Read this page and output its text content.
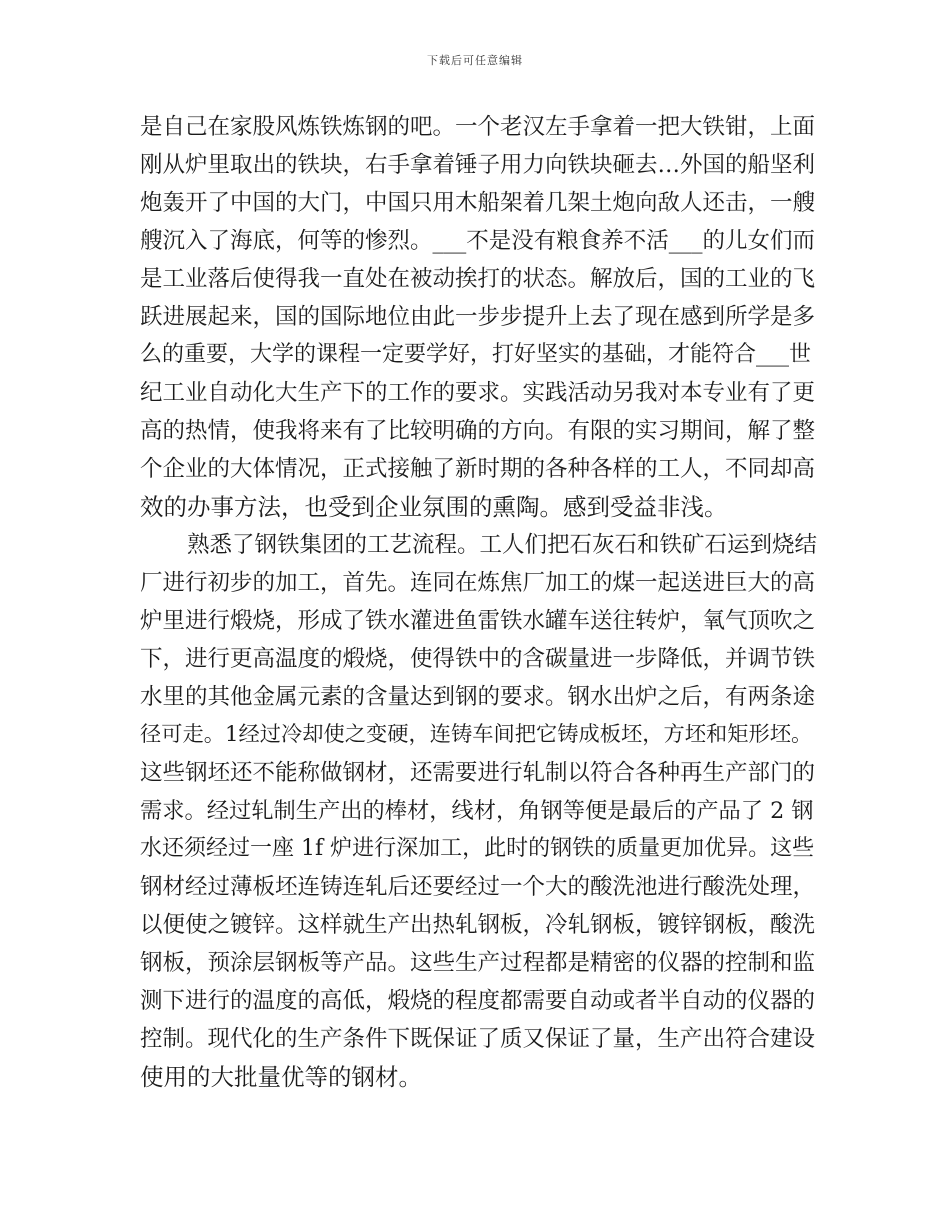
下载后可任意编辑
是自己在家股风炼铁炼钢的吧。一个老汉左手拿着一把大铁钳，上面
刚从炉里取出的铁块，右手拿着锤子用力向铁块砸去…外国的船坚利
炮轰开了中国的大门，中国只用木船架着几架土炮向敌人还击，一艘
艘沉入了海底，何等的惨烈。___不是没有粮食养不活___的儿女们而
是工业落后使得我一直处在被动挨打的状态。解放后，国的工业的飞
跃进展起来，国的国际地位由此一步步提升上去了现在感到所学是多
么的重要，大学的课程一定要学好，打好坚实的基础，才能符合___世
纪工业自动化大生产下的工作的要求。实践活动另我对本专业有了更
高的热情，使我将来有了比较明确的方向。有限的实习期间，解了整
个企业的大体情况，正式接触了新时期的各种各样的工人，不同却高
效的办事方法，也受到企业氛围的熏陶。感到受益非浅。
熟悉了钢铁集团的工艺流程。工人们把石灰石和铁矿石运到烧结
厂进行初步的加工，首先。连同在炼焦厂加工的煤一起送进巨大的高
炉里进行煅烧，形成了铁水灌进鱼雷铁水罐车送往转炉，氧气顶吹之
下，进行更高温度的煅烧，使得铁中的含碳量进一步降低，并调节铁
水里的其他金属元素的含量达到钢的要求。钢水出炉之后，有两条途
径可走。1经过冷却使之变硬，连铸车间把它铸成板坯，方坯和矩形坯。
这些钢坯还不能称做钢材，还需要进行轧制以符合各种再生产部门的
需求。经过轧制生产出的棒材，线材，角钢等便是最后的产品了 2 钢
水还须经过一座 1f 炉进行深加工，此时的钢铁的质量更加优异。这些
钢材经过薄板坯连铸连轧后还要经过一个大的酸洗池进行酸洗处理，
以便使之镀锌。这样就生产出热轧钢板，冷轧钢板，镀锌钢板，酸洗
钢板，预涂层钢板等产品。这些生产过程都是精密的仪器的控制和监
测下进行的温度的高低，煅烧的程度都需要自动或者半自动的仪器的
控制。现代化的生产条件下既保证了质又保证了量，生产出符合建设
使用的大批量优等的钢材。
